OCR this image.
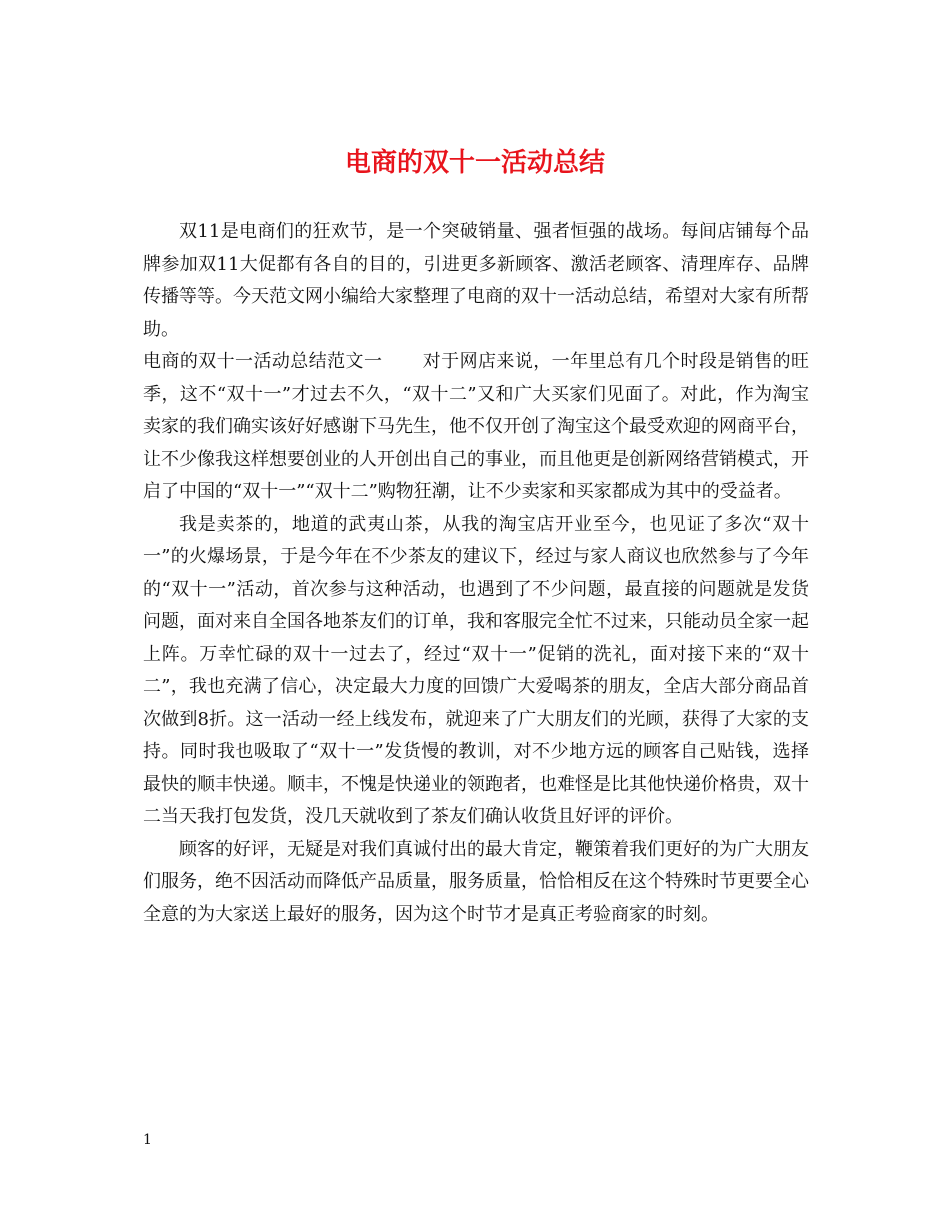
电商的双十一活动总结

双11是电商们的狂欢节，是一个突破销量、强者恒强的战场。每间店铺每个品牌参加双11大促都有各自的目的，引进更多新顾客、激活老顾客、清理库存、品牌传播等等。今天范文网小编给大家整理了电商的双十一活动总结，希望对大家有所帮助。

电商的双十一活动总结范文一 对于网店来说，一年里总有几个时段是销售的旺季，这不“双十一”才过去不久，“双十二”又和广大买家们见面了。对此，作为淘宝卖家的我们确实该好好感谢下马先生，他不仅开创了淘宝这个最受欢迎的网商平台，让不少像我这样想要创业的人开创出自己的事业，而且他更是创新网络营销模式，开启了中国的“双十一”“双十二”购物狂潮，让不少卖家和买家都成为其中的受益者。

我是卖茶的，地道的武夷山茶，从我的淘宝店开业至今，也见证了多次“双十一”的火爆场景，于是今年在不少茶友的建议下，经过与家人商议也欣然参与了今年的“双十一”活动，首次参与这种活动，也遇到了不少问题，最直接的问题就是发货问题，面对来自全国各地茶友们的订单，我和客服完全忙不过来，只能动员全家一起上阵。万幸忙碌的双十一过去了，经过“双十一”促销的洗礼，面对接下来的“双十二”，我也充满了信心，决定最大力度的回馈广大爱喝茶的朋友，全店大部分商品首次做到8折。这一活动一经上线发布，就迎来了广大朋友们的光顾，获得了大家的支持。同时我也吸取了“双十一”发货慢的教训，对不少地方远的顾客自己贴钱，选择最快的顺丰快递。顺丰，不愧是快递业的领跑者，也难怪是比其他快递价格贵，双十二当天我打包发货，没几天就收到了茶友们确认收货且好评的评价。

顾客的好评，无疑是对我们真诚付出的最大肯定，鞭策着我们更好的为广大朋友们服务，绝不因活动而降低产品质量，服务质量，恰恰相反在这个特殊时节更要全心全意的为大家送上最好的服务，因为这个时节才是真正考验商家的时刻。

1
